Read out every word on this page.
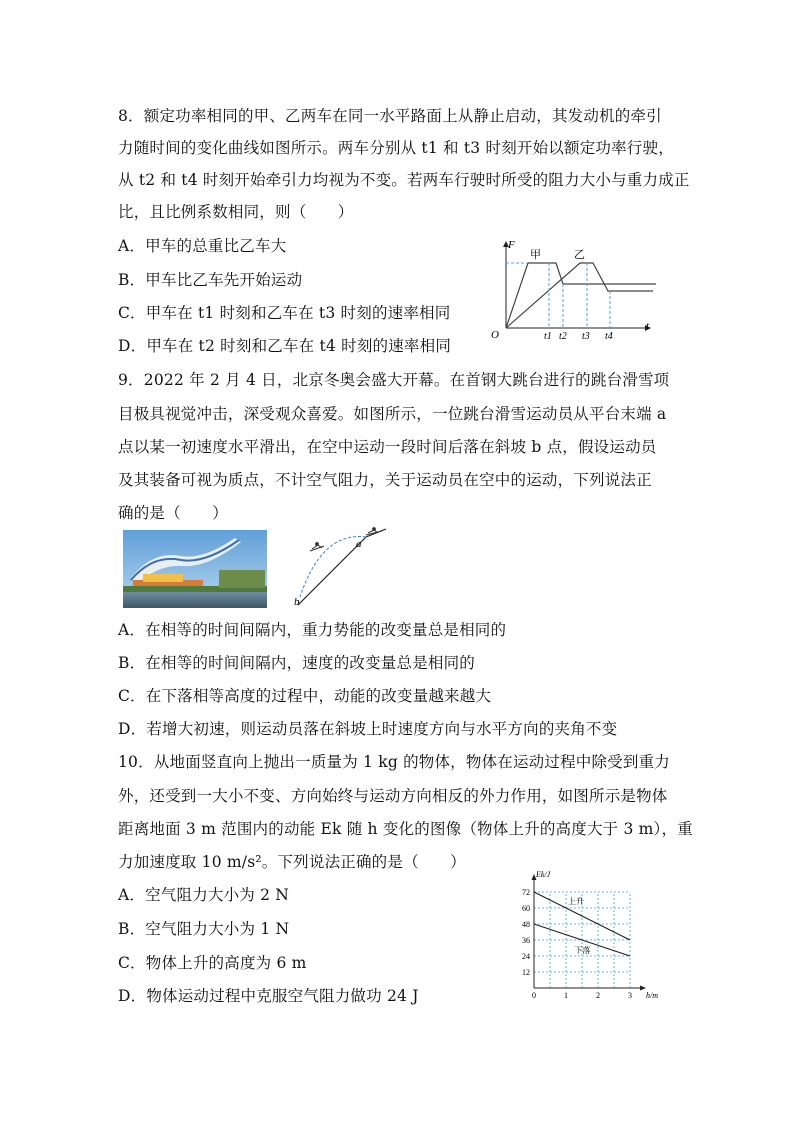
8．额定功率相同的甲、乙两车在同一水平路面上从静止启动，其发动机的牵引
力随时间的变化曲线如图所示。两车分别从 t1 和 t3 时刻开始以额定功率行驶，
从 t2 和 t4 时刻开始牵引力均视为不变。若两车行驶时所受的阻力大小与重力成正
比，且比例系数相同，则（　　）
A．甲车的总重比乙车大
B．甲车比乙车先开始运动
C．甲车在 t1 时刻和乙车在 t3 时刻的速率相同
D．甲车在 t2 时刻和乙车在 t4 时刻的速率相同
F
t
O
甲	乙
t1 t2 t3 t4
9．2022 年 2 月 4 日，北京冬奥会盛大开幕。在首钢大跳台进行的跳台滑雪项
目极具视觉冲击，深受观众喜爱。如图所示，一位跳台滑雪运动员从平台末端 a
点以某一初速度水平滑出，在空中运动一段时间后落在斜坡 b 点，假设运动员
及其装备可视为质点，不计空气阻力，关于运动员在空中的运动，下列说法正
确的是（　　）
a
b
A．在相等的时间间隔内，重力势能的改变量总是相同的
B．在相等的时间间隔内，速度的改变量总是相同的
C．在下落相等高度的过程中，动能的改变量越来越大
D．若增大初速，则运动员落在斜坡上时速度方向与水平方向的夹角不变
10．从地面竖直向上抛出一质量为 1 kg 的物体，物体在运动过程中除受到重力
外，还受到一大小不变、方向始终与运动方向相反的外力作用，如图所示是物体
距离地面 3 m 范围内的动能 Ek 随 h 变化的图像（物体上升的高度大于 3 m），重
力加速度取 10 m/s²。下列说法正确的是（　　）
A．空气阻力大小为 2 N
B．空气阻力大小为 1 N
C．物体上升的高度为 6 m
D．物体运动过程中克服空气阻力做功 24 J
12
24
36
48
60
72
0	1	2	3
Ek/J
h/m
上升
下落
